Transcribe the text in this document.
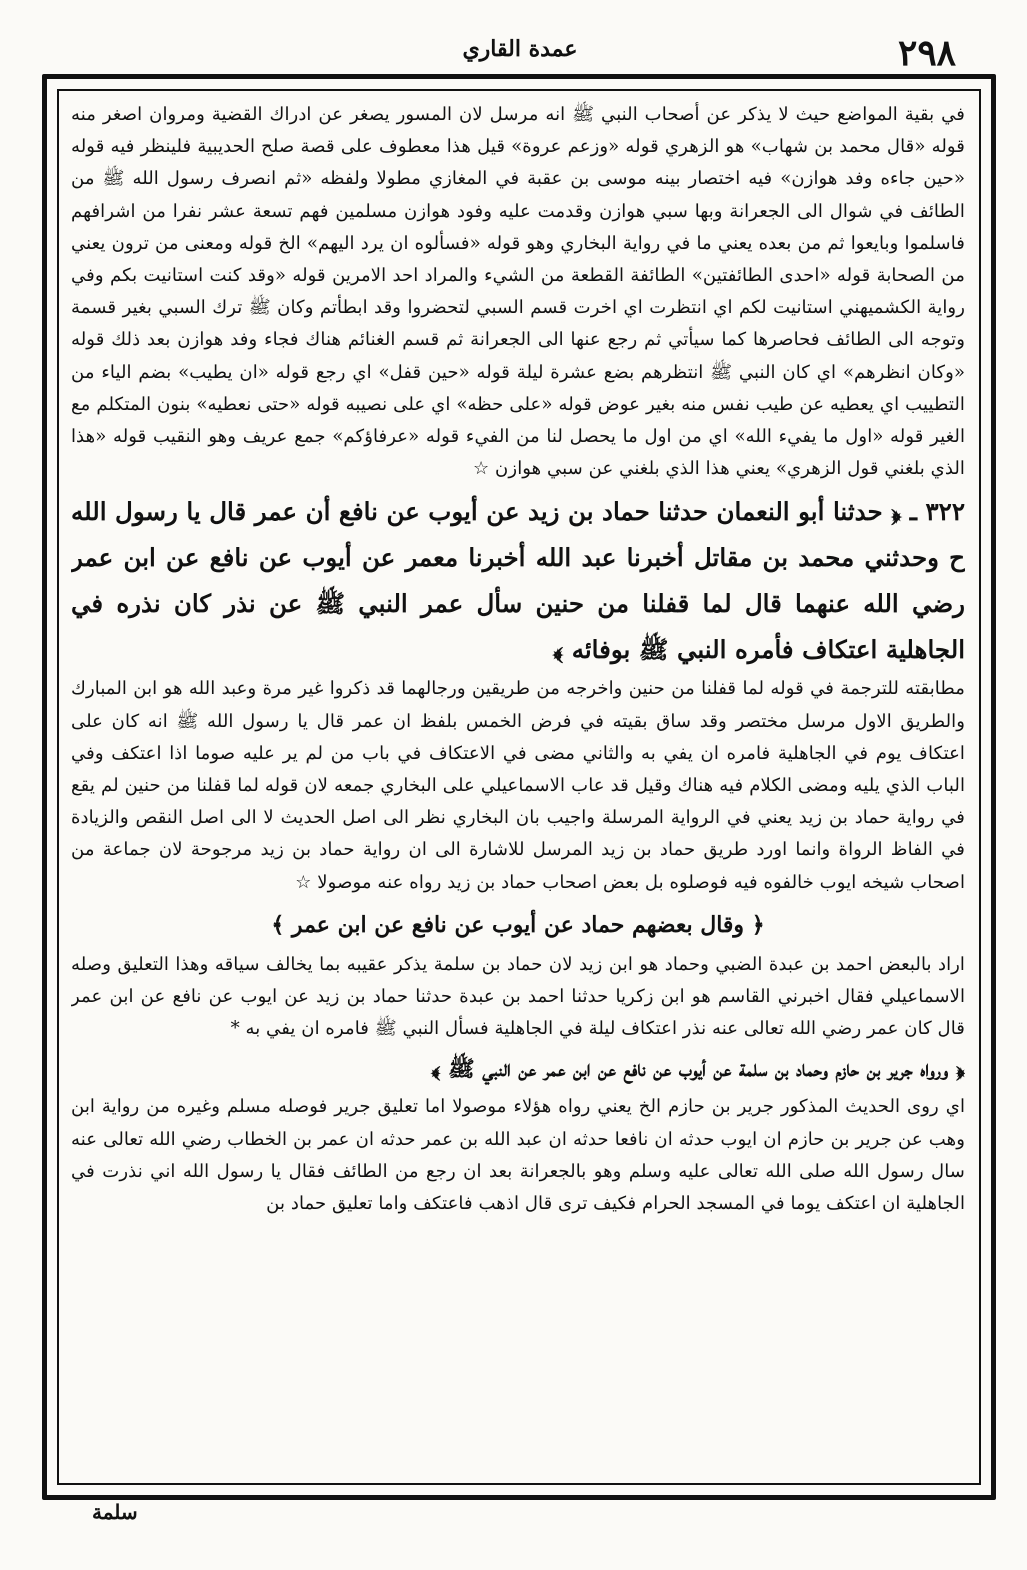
عمدة القاري	٢٩٨

في بقية المواضع حيث لا يذكر عن أصحاب النبي ﷺ انه مرسل لان المسور يصغر عن ادراك القضية ومروان اصغر منه قوله «قال محمد بن شهاب» هو الزهري قوله «وزعم عروة» قيل هذا معطوف على قصة صلح الحديبية فلينظر فيه قوله «حين جاءه وفد هوازن» فيه اختصار بينه موسى بن عقبة في المغازي مطولا ولفظه «ثم انصرف رسول الله ﷺ من الطائف في شوال الى الجعرانة وبها سبي هوازن وقدمت عليه وفود هوازن مسلمين فهم تسعة عشر نفرا من اشرافهم فاسلموا وبايعوا ثم من بعده يعني ما في رواية البخاري وهو قوله «فسألوه ان يرد اليهم» الخ قوله ومعنى من ترون يعني من الصحابة قوله «احدى الطائفتين» الطائفة القطعة من الشيء والمراد احد الامرين قوله «وقد كنت استانيت بكم وفي رواية الكشميهني استانيت لكم اي انتظرت اي اخرت قسم السبي لتحضروا وقد ابطأتم وكان ﷺ ترك السبي بغير قسمة وتوجه الى الطائف فحاصرها كما سيأتي ثم رجع عنها الى الجعرانة ثم قسم الغنائم هناك فجاء وفد هوازن بعد ذلك قوله «وكان انظرهم» اي كان النبي ﷺ انتظرهم بضع عشرة ليلة قوله «حين قفل» اي رجع قوله «ان يطيب» بضم الياء من التطييب اي يعطيه عن طيب نفس منه بغير عوض قوله «على حظه» اي على نصيبه قوله «حتى نعطيه» بنون المتكلم مع الغير قوله «اول ما يفيء الله» اي من اول ما يحصل لنا من الفيء قوله «عرفاؤكم» جمع عريف وهو النقيب قوله «هذا الذي بلغني قول الزهري» يعني هذا الذي بلغني عن سبي هوازن ☆

٣٢٢ ـ ﴿ حدثنا أبو النعمان حدثنا حماد بن زيد عن أيوب عن نافع أن عمر قال يا رسول الله ح وحدثني محمد بن مقاتل أخبرنا عبد الله أخبرنا معمر عن أيوب عن نافع عن ابن عمر رضي الله عنهما قال لما قفلنا من حنين سأل عمر النبي ﷺ عن نذر كان نذره في الجاهلية اعتكاف فأمره النبي ﷺ بوفائه ﴾

مطابقته للترجمة في قوله لما قفلنا من حنين واخرجه من طريقين ورجالهما قد ذكروا غير مرة وعبد الله هو ابن المبارك والطريق الاول مرسل مختصر وقد ساق بقيته في فرض الخمس بلفظ ان عمر قال يا رسول الله ﷺ انه كان على اعتكاف يوم في الجاهلية فامره ان يفي به والثاني مضى في الاعتكاف في باب من لم ير عليه صوما اذا اعتكف وفي الباب الذي يليه ومضى الكلام فيه هناك وقيل قد عاب الاسماعيلي على البخاري جمعه لان قوله لما قفلنا من حنين لم يقع في رواية حماد بن زيد يعني في الرواية المرسلة واجيب بان البخاري نظر الى اصل الحديث لا الى اصل النقص والزيادة في الفاظ الرواة وانما اورد طريق حماد بن زيد المرسل للاشارة الى ان رواية حماد بن زيد مرجوحة لان جماعة من اصحاب شيخه ايوب خالفوه فيه فوصلوه بل بعض اصحاب حماد بن زيد رواه عنه موصولا ☆

﴿ وقال بعضهم حماد عن أيوب عن نافع عن ابن عمر ﴾

اراد بالبعض احمد بن عبدة الضبي وحماد هو ابن زيد لان حماد بن سلمة يذكر عقيبه بما يخالف سياقه وهذا التعليق وصله الاسماعيلي فقال اخبرني القاسم هو ابن زكريا حدثنا احمد بن عبدة حدثنا حماد بن زيد عن ايوب عن نافع عن ابن عمر قال كان عمر رضي الله تعالى عنه نذر اعتكاف ليلة في الجاهلية فسأل النبي ﷺ فامره ان يفي به *

﴿ ورواه جرير بن حازم وحماد بن سلمة عن أيوب عن نافع عن ابن عمر عن النبي ﷺ ﴾

اي روى الحديث المذكور جرير بن حازم الخ يعني رواه هؤلاء موصولا اما تعليق جرير فوصله مسلم وغيره من رواية ابن وهب عن جرير بن حازم ان ايوب حدثه ان نافعا حدثه ان عبد الله بن عمر حدثه ان عمر بن الخطاب رضي الله تعالى عنه سال رسول الله صلى الله تعالى عليه وسلم وهو بالجعرانة بعد ان رجع من الطائف فقال يا رسول الله اني نذرت في الجاهلية ان اعتكف يوما في المسجد الحرام فكيف ترى قال اذهب فاعتكف واما تعليق حماد بن

سلمة
